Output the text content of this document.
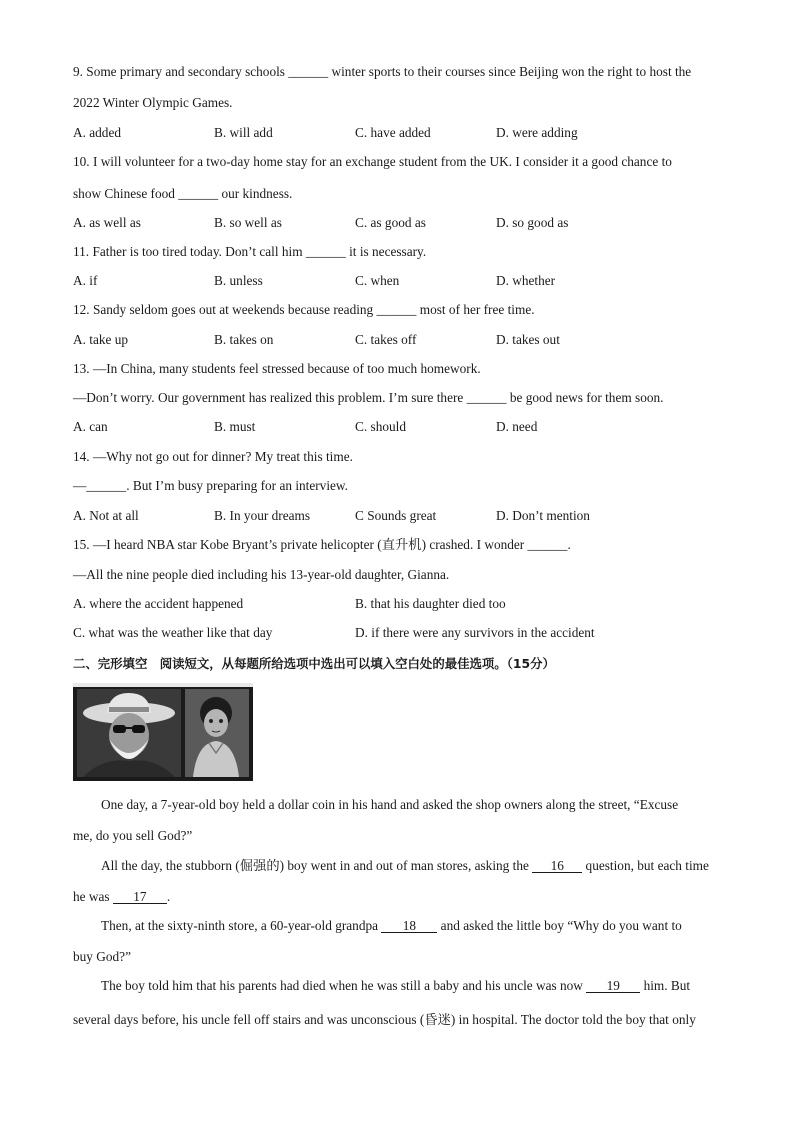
9. Some primary and secondary schools ______ winter sports to their courses since Beijing won the right to host the
2022 Winter Olympic Games.
A. added	B. will add	C. have added	D. were adding
10. I will volunteer for a two-day home stay for an exchange student from the UK. I consider it a good chance to
show Chinese food ______ our kindness.
A. as well as	B. so well as	C. as good as	D. so good as
11. Father is too tired today. Don’t call him ______ it is necessary.
A. if	B. unless	C. when	D. whether
12. Sandy seldom goes out at weekends because reading ______ most of her free time.
A. take up	B. takes on	C. takes off	D. takes out
13. —In China, many students feel stressed because of too much homework.
—Don’t worry. Our government has realized this problem. I’m sure there ______ be good news for them soon.
A. can	B. must	C. should	D. need
14. —Why not go out for dinner? My treat this time.
—______. But I’m busy preparing for an interview.
A. Not at all	B. In your dreams	C Sounds great	D. Don’t mention
15. —I heard NBA star Kobe Bryant’s private helicopter (直升机) crashed. I wonder ______.
—All the nine people died including his 13-year-old daughter, Gianna.
A. where the accident happened	B. that his daughter died too
C. what was the weather like that day	D. if there were any survivors in the accident
二、完形填空　阅读短文，从每题所给选项中选出可以填入空白处的最佳选项。（15分）
One day, a 7-year-old boy held a dollar coin in his hand and asked the shop owners along the street, “Excuse
me, do you sell God?”
All the day, the stubborn (倔强的) boy went in and out of man stores, asking the 16 question, but each time
he was 17 .
Then, at the sixty-ninth store, a 60-year-old grandpa 18 and asked the little boy “Why do you want to
buy God?”
The boy told him that his parents had died when he was still a baby and his uncle was now 19 him. But
several days before, his uncle fell off stairs and was unconscious (昏迷) in hospital. The doctor told the boy that only
